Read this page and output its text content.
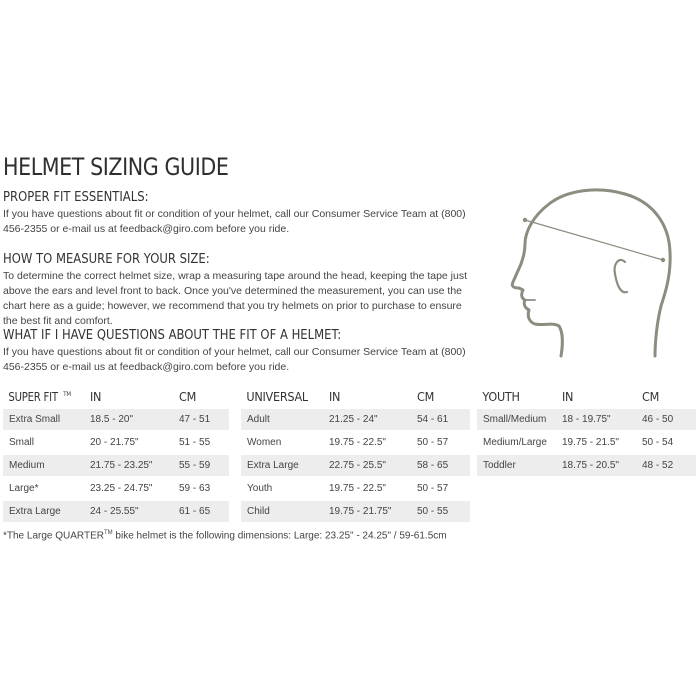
HELMET SIZING GUIDE
PROPER FIT ESSENTIALS:
If you have questions about fit or condition of your helmet, call our Consumer Service Team at (800) 456-2355 or e-mail us at feedback@giro.com before you ride.
HOW TO MEASURE FOR YOUR SIZE:
To determine the correct helmet size, wrap a measuring tape around the head, keeping the tape just above the ears and level front to back. Once you've determined the measurement, you can use the chart here as a guide; however, we recommend that you try helmets on prior to purchase to ensure the best fit and comfort.
WHAT IF I HAVE QUESTIONS ABOUT THE FIT OF A HELMET:
If you have questions about fit or condition of your helmet, call our Consumer Service Team at (800) 456-2355 or e-mail us at feedback@giro.com before you ride.
SUPER FIT ™	IN	CM
Extra Small	18.5 - 20"	47 - 51
Small	20 - 21.75"	51 - 55
Medium	21.75 - 23.25"	55 - 59
Large*	23.25 - 24.75"	59 - 63
Extra Large	24 - 25.55"	61 - 65
UNIVERSAL	IN	CM
Adult	21.25 - 24"	54 - 61
Women	19.75 - 22.5"	50 - 57
Extra Large	22.75 - 25.5"	58 - 65
Youth	19.75 - 22.5"	50 - 57
Child	19.75 - 21.75"	50 - 55
YOUTH	IN	CM
Small/Medium	18 - 19.75"	46 - 50
Medium/Large	19.75 - 21.5"	50 - 54
Toddler	18.75 - 20.5"	48 - 52
*The Large QUARTER™ bike helmet is the following dimensions: Large: 23.25" - 24.25" / 59-61.5cm
